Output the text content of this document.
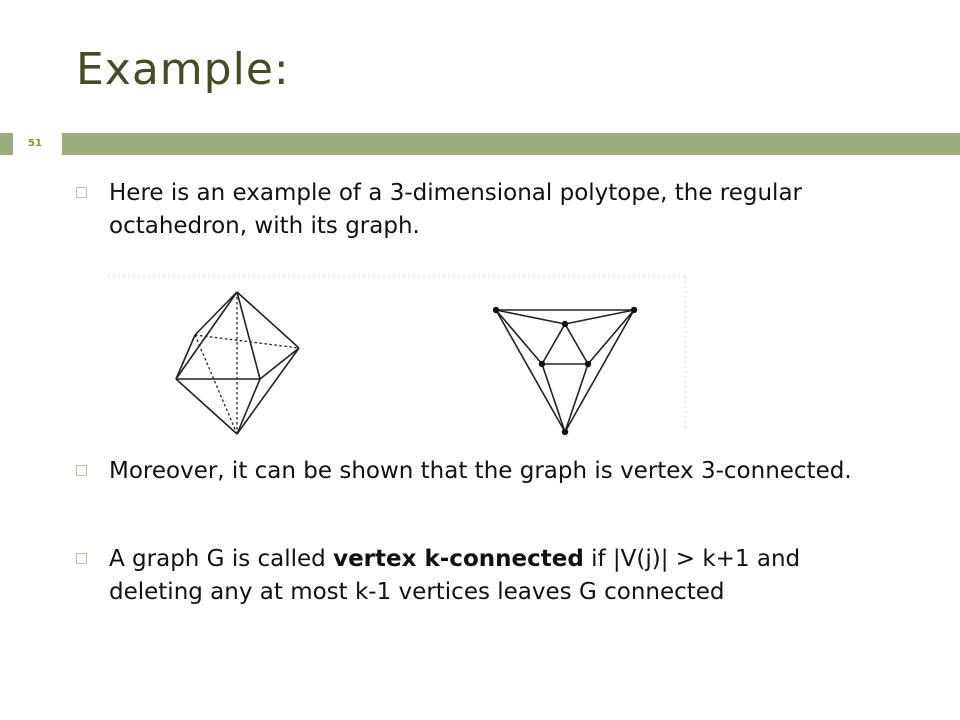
Example:
51
Here is an example of a 3-dimensional polytope, the regular octahedron, with its graph.
Moreover, it can be shown that the graph is vertex 3-connected.
A graph G is called vertex k-connected if |V(j)| > k+1 and deleting any at most k-1 vertices leaves G connected
